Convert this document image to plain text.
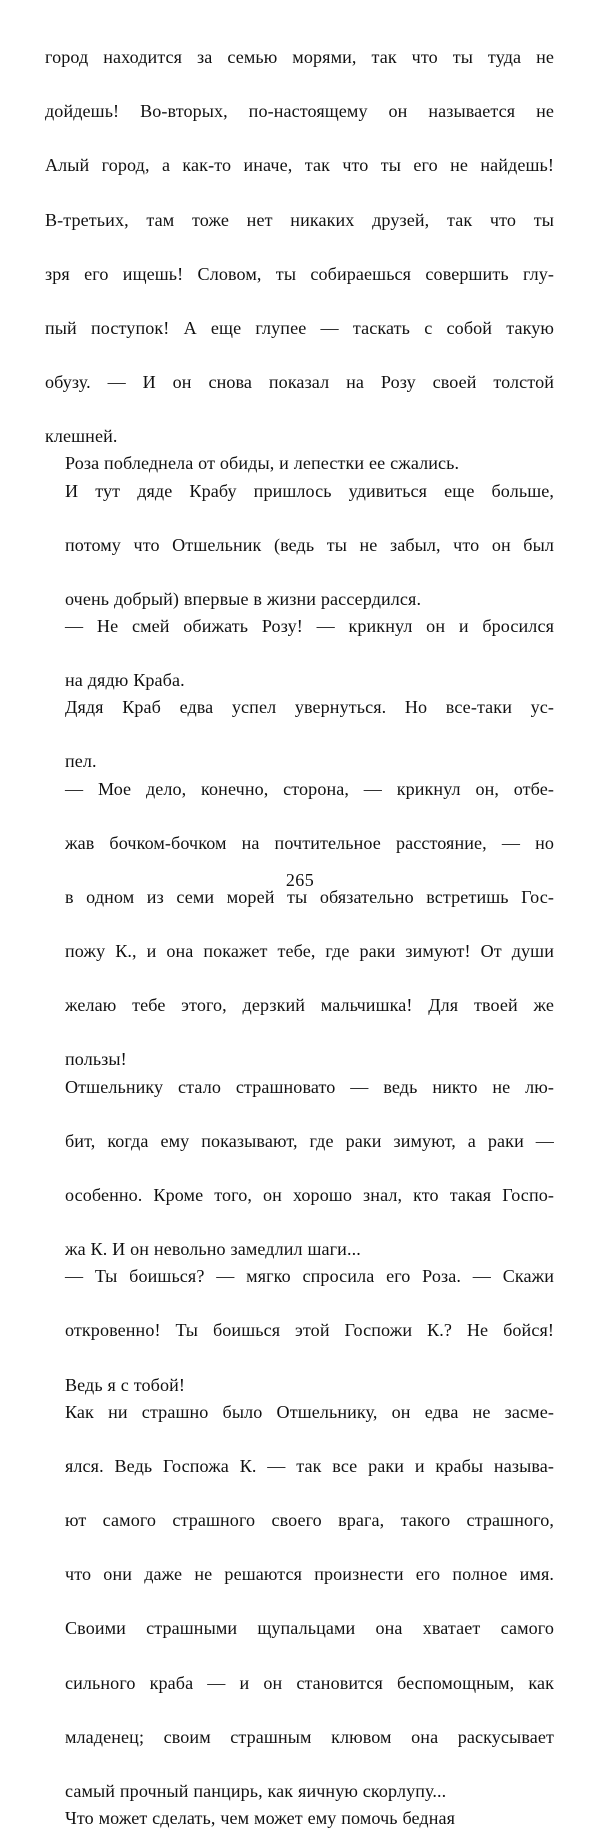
город находится за семью морями, так что ты туда не
дойдешь! Во-вторых, по-настоящему он называется не
Алый город, а как-то иначе, так что ты его не найдешь!
В-третьих, там тоже нет никаких друзей, так что ты
зря его ищешь! Словом, ты собираешься совершить глу-
пый поступок! А еще глупее — таскать с собой такую
обузу. — И он снова показал на Розу своей толстой
клешней.

Роза побледнела от обиды, и лепестки ее сжались.

И тут дяде Крабу пришлось удивиться еще больше,
потому что Отшельник (ведь ты не забыл, что он был
очень добрый) впервые в жизни рассердился.

— Не смей обижать Розу! — крикнул он и бросился
на дядю Краба.

Дядя Краб едва успел увернуться. Но все-таки ус-
пел.

— Мое дело, конечно, сторона, — крикнул он, отбе-
жав бочком-бочком на почтительное расстояние, — но
в одном из семи морей ты обязательно встретишь Гос-
пожу К., и она покажет тебе, где раки зимуют! От души
желаю тебе этого, дерзкий мальчишка! Для твоей же
пользы!

Отшельнику стало страшновато — ведь никто не лю-
бит, когда ему показывают, где раки зимуют, а раки —
особенно. Кроме того, он хорошо знал, кто такая Госпо-
жа К. И он невольно замедлил шаги...

— Ты боишься? — мягко спросила его Роза. — Скажи
откровенно! Ты боишься этой Госпожи К.? Не бойся!
Ведь я с тобой!

Как ни страшно было Отшельнику, он едва не засме-
ялся. Ведь Госпожа К. — так все раки и крабы называ-
ют самого страшного своего врага, такого страшного,
что они даже не решаются произнести его полное имя.
Своими страшными щупальцами она хватает самого
сильного краба — и он становится беспомощным, как
младенец; своим страшным клювом она раскусывает
самый прочный панцирь, как яичную скорлупу...

Что может сделать, чем может ему помочь бедная

265
